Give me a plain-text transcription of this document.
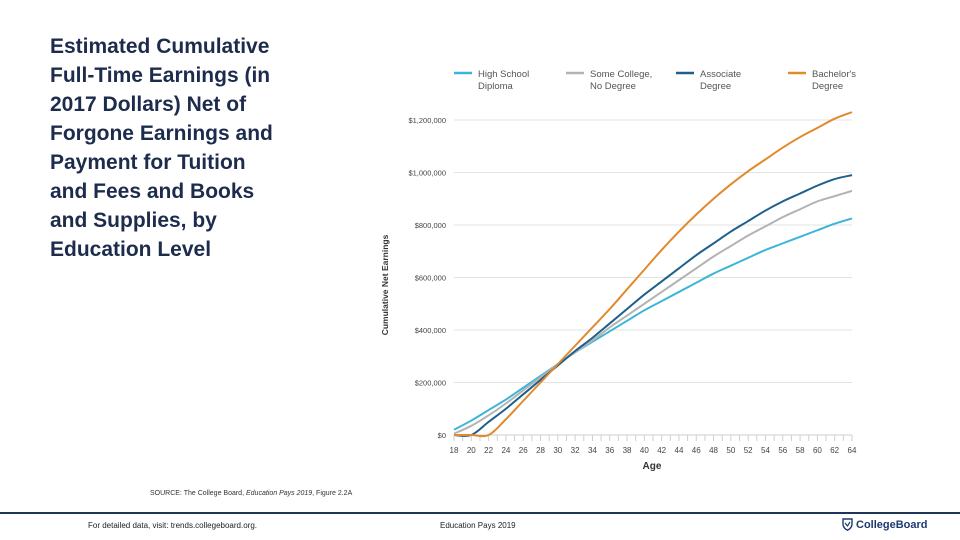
Estimated Cumulative
Full-Time Earnings (in
2017 Dollars) Net of
Forgone Earnings and
Payment for Tuition
and Fees and Books
and Supplies, by
Education Level
High School
Diploma
Some College,
No Degree
Associate
Degree
Bachelor's
Degree
$0
$200,000
$400,000
$600,000
$800,000
$1,000,000
$1,200,000
18 20 22 24 26 28 30 32 34 36 38 40 42 44 46 48 50 52 54 56 58 60 62 64
Age
Cumulative Net Earnings
SOURCE: The College Board, Education Pays 2019, Figure 2.2A
For detailed data, visit: trends.collegeboard.org.	Education Pays 2019	CollegeBoard
